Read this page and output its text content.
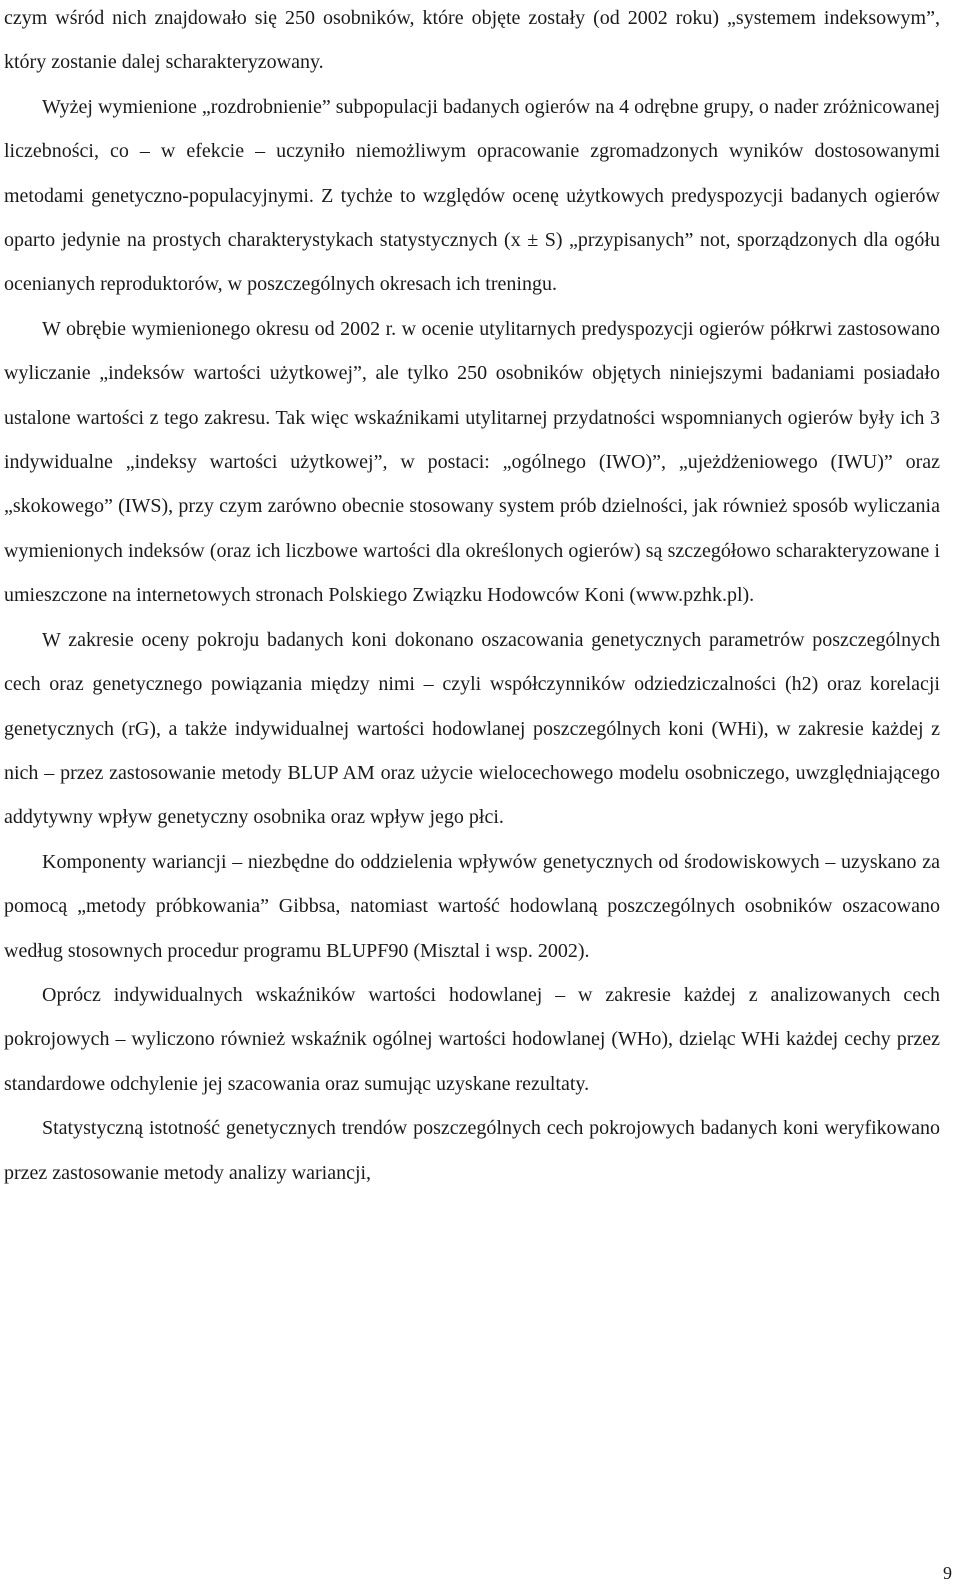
czym wśród nich znajdowało się 250 osobników, które objęte zostały (od 2002 roku) „systemem indeksowym”, który zostanie dalej scharakteryzowany.

Wyżej wymienione „rozdrobnienie” subpopulacji badanych ogierów na 4 odrębne grupy, o nader zróżnicowanej liczebności, co – w efekcie – uczyniło niemożliwym opracowanie zgromadzonych wyników dostosowanymi metodami genetyczno-populacyjnymi. Z tychże to względów ocenę użytkowych predyspozycji badanych ogierów oparto jedynie na prostych charakterystykach statystycznych (x ± S) „przypisanych” not, sporządzonych dla ogółu ocenianych reproduktorów, w poszczególnych okresach ich treningu.

W obrębie wymienionego okresu od 2002 r. w ocenie utylitarnych predyspozycji ogierów półkrwi zastosowano wyliczanie „indeksów wartości użytkowej”, ale tylko 250 osobników objętych niniejszymi badaniami posiadało ustalone wartości z tego zakresu. Tak więc wskaźnikami utylitarnej przydatności wspomnianych ogierów były ich 3 indywidualne „indeksy wartości użytkowej”, w postaci: „ogólnego (IWO)”, „ujeżdżeniowego (IWU)” oraz „skokowego” (IWS), przy czym zarówno obecnie stosowany system prób dzielności, jak również sposób wyliczania wymienionych indeksów (oraz ich liczbowe wartości dla określonych ogierów) są szczegółowo scharakteryzowane i umieszczone na internetowych stronach Polskiego Związku Hodowców Koni (www.pzhk.pl).

W zakresie oceny pokroju badanych koni dokonano oszacowania genetycznych parametrów poszczególnych cech oraz genetycznego powiązania między nimi – czyli współczynników odziedziczalności (h2) oraz korelacji genetycznych (rG), a także indywidualnej wartości hodowlanej poszczególnych koni (WHi), w zakresie każdej z nich – przez zastosowanie metody BLUP AM oraz użycie wielocechowego modelu osobniczego, uwzględniającego addytywny wpływ genetyczny osobnika oraz wpływ jego płci.

Komponenty wariancji – niezbędne do oddzielenia wpływów genetycznych od środowiskowych – uzyskano za pomocą „metody próbkowania” Gibbsa, natomiast wartość hodowlaną poszczególnych osobników oszacowano według stosownych procedur programu BLUPF90 (Misztal i wsp. 2002).

Oprócz indywidualnych wskaźników wartości hodowlanej – w zakresie każdej z analizowanych cech pokrojowych – wyliczono również wskaźnik ogólnej wartości hodowlanej (WHo), dzieląc WHi każdej cechy przez standardowe odchylenie jej szacowania oraz sumując uzyskane rezultaty.

Statystyczną istotność genetycznych trendów poszczególnych cech pokrojowych badanych koni weryfikowano przez zastosowanie metody analizy wariancji,

9
